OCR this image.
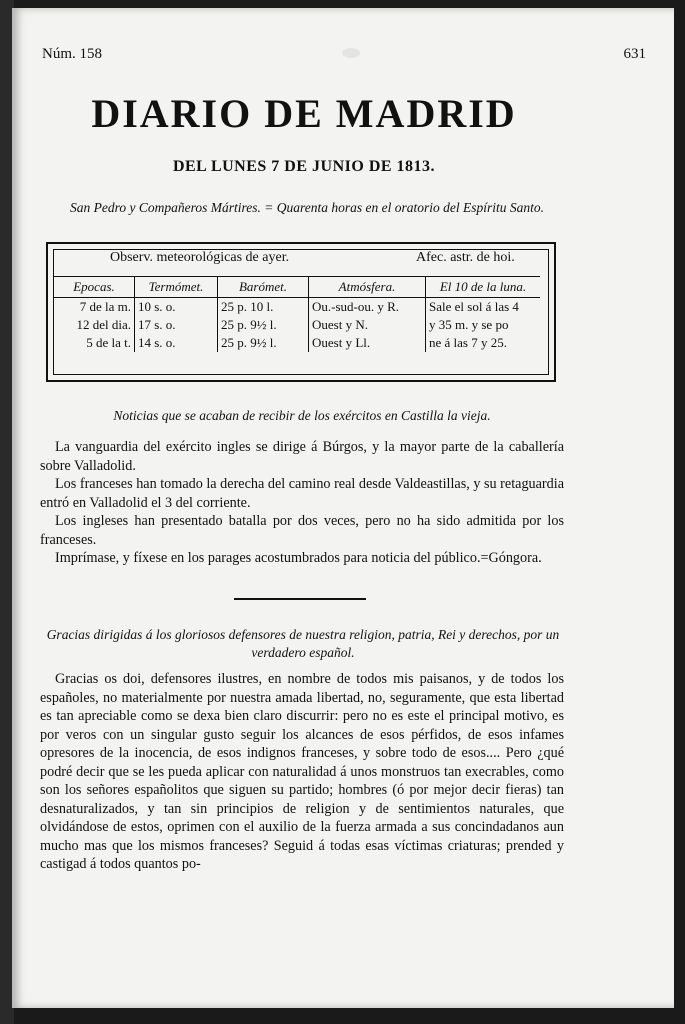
Núm. 158	631
DIARIO DE MADRID
DEL LUNES 7 DE JUNIO DE 1813.
San Pedro y Compañeros Mártires. = Quarenta horas en el oratorio del Espíritu Santo.
Observ. meteorológicas de ayer.	Afec. astr. de hoi.
Epocas.	Termómet.	Barómet.	Atmósfera.	El 10 de la luna.
7 de la m.	10 s. o.	25 p. 10 l.	Ou.-sud-ou. y R.	Sale el sol á las 4
12 del dia.	17 s. o.	25 p. 9½ l.	Ouest y N.	y 35 m. y se po
5 de la t.	14 s. o.	25 p. 9½ l.	Ouest y Ll.	ne á las 7 y 25.
Noticias que se acaban de recibir de los exércitos en Castilla la vieja.

La vanguardia del exército ingles se dirige á Búrgos, y la mayor parte de la caballería sobre Valladolid.

Los franceses han tomado la derecha del camino real desde Valdeastillas, y su retaguardia entró en Valladolid el 3 del corriente.

Los ingleses han presentado batalla por dos veces, pero no ha sido admitida por los franceses.

Imprímase, y fíxese en los parages acostumbrados para noticia del público.=Góngora.

Gracias dirigidas á los gloriosos defensores de nuestra religion, patria, Rei y derechos, por un verdadero español.

Gracias os doi, defensores ilustres, en nombre de todos mis paisanos, y de todos los españoles, no materialmente por nuestra amada libertad, no, seguramente, que esta libertad es tan apreciable como se dexa bien claro discurrir: pero no es este el principal motivo, es por veros con un singular gusto seguir los alcances de esos pérfidos, de esos infames opresores de la inocencia, de esos indignos franceses, y sobre todo de esos.... Pero ¿qué podré decir que se les pueda aplicar con naturalidad á unos monstruos tan execrables, como son los señores españolitos que siguen su partido; hombres (ó por mejor decir fieras) tan desnaturalizados, y tan sin principios de religion y de sentimientos naturales, que olvidándose de estos, oprimen con el auxilio de la fuerza armada a sus concindadanos aun mucho mas que los mismos franceses? Seguid á todas esas víctimas criaturas; prended y castigad á todos quantos po-
